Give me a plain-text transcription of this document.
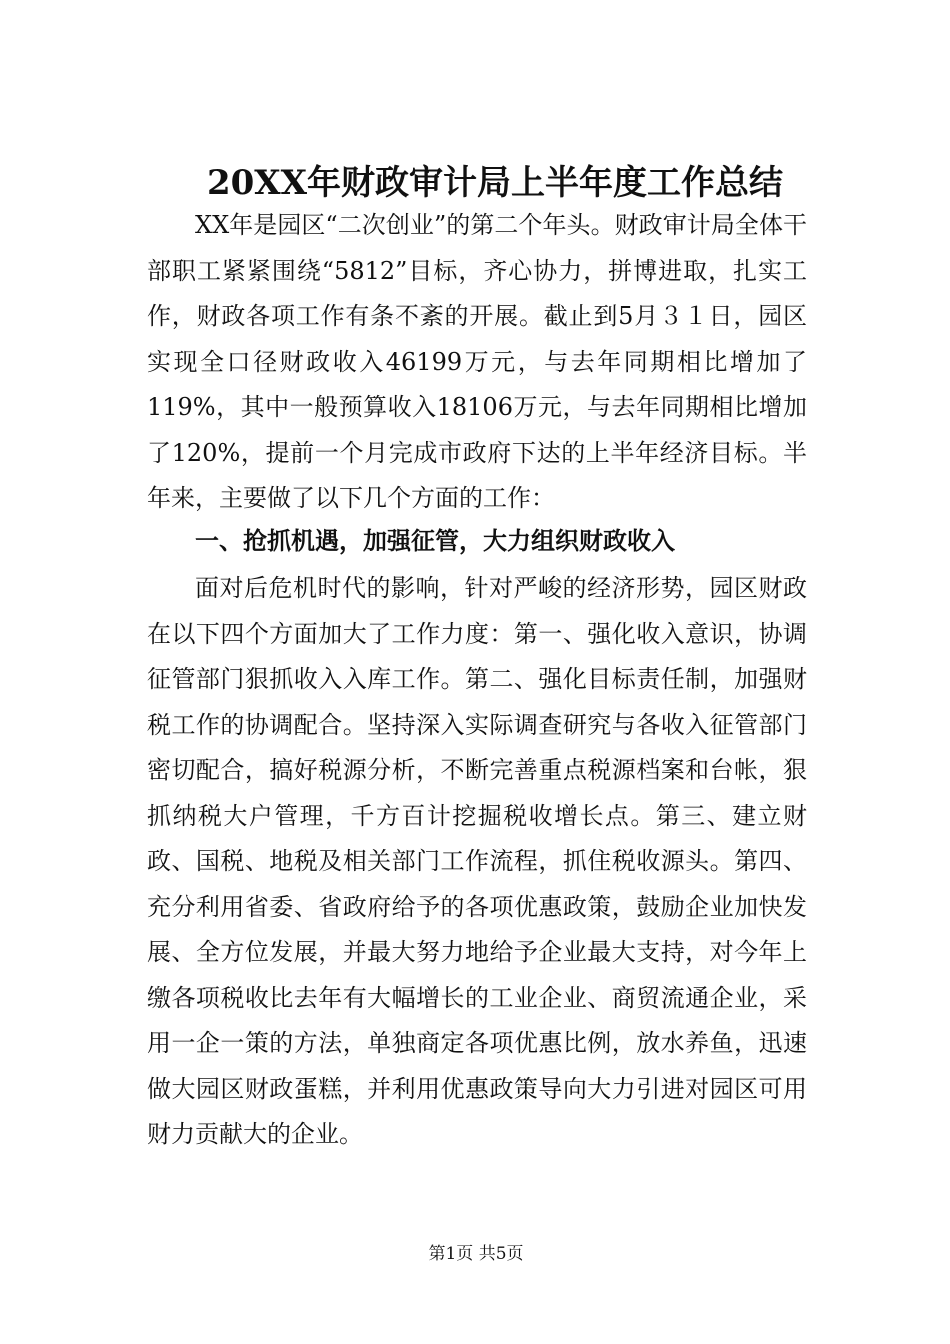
20XX年财政审计局上半年度工作总结

XX年是园区“二次创业”的第二个年头。财政审计局全体干部职工紧紧围绕“5812”目标，齐心协力，拼博进取，扎实工作，财政各项工作有条不紊的开展。截止到5月３１日，园区实现全口径财政收入46199万元，与去年同期相比增加了119%，其中一般预算收入18106万元，与去年同期相比增加了120%，提前一个月完成市政府下达的上半年经济目标。半年来，主要做了以下几个方面的工作：

一、抢抓机遇，加强征管，大力组织财政收入

面对后危机时代的影响，针对严峻的经济形势，园区财政在以下四个方面加大了工作力度：第一、强化收入意识，协调征管部门狠抓收入入库工作。第二、强化目标责任制，加强财税工作的协调配合。坚持深入实际调查研究与各收入征管部门密切配合，搞好税源分析，不断完善重点税源档案和台帐，狠抓纳税大户管理，千方百计挖掘税收增长点。第三、建立财政、国税、地税及相关部门工作流程，抓住税收源头。第四、充分利用省委、省政府给予的各项优惠政策，鼓励企业加快发展、全方位发展，并最大努力地给予企业最大支持，对今年上缴各项税收比去年有大幅增长的工业企业、商贸流通企业，采用一企一策的方法，单独商定各项优惠比例，放水养鱼，迅速做大园区财政蛋糕，并利用优惠政策导向大力引进对园区可用财力贡献大的企业。

第1页 共5页
